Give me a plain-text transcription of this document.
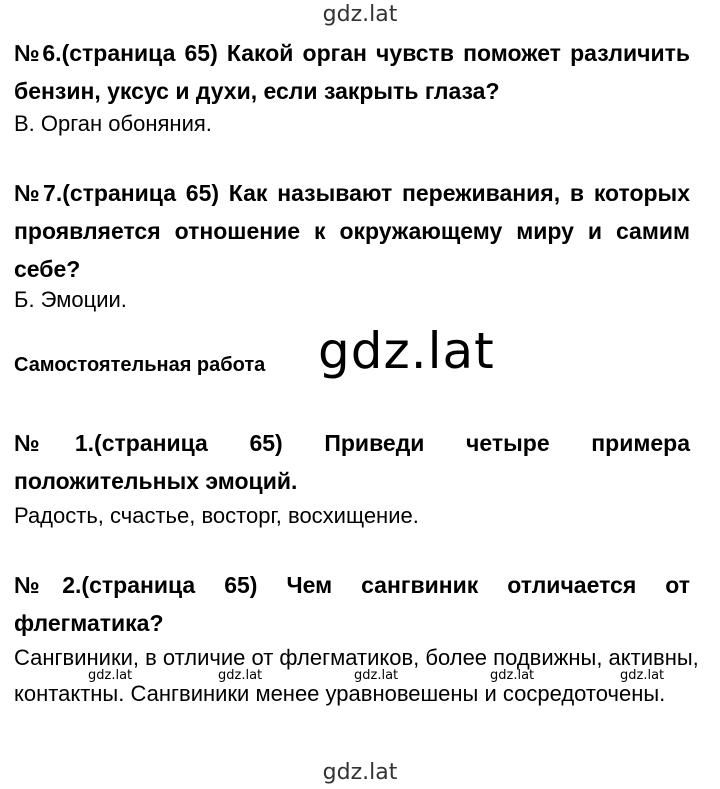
gdz.lat
№6.(страница 65) Какой орган чувств поможет различить бензин, уксус и духи, если закрыть глаза?
В. Орган обоняния.
№7.(страница 65) Как называют переживания, в которых проявляется отношение к окружающему миру и самим себе?
Б. Эмоции.
Самостоятельная работа gdz.lat
№1.(страница 65) Приведи четыре примера положительных эмоций.
Радость, счастье, восторг, восхищение.
№2.(страница 65) Чем сангвиник отличается от флегматика?
Сангвиники, в отличие от флегматиков, более подвижны, активны, контактны. Сангвиники менее уравновешены и сосредоточены.
gdz.lat	gdz.lat	gdz.lat	gdz.lat	gdz.lat
gdz.lat
